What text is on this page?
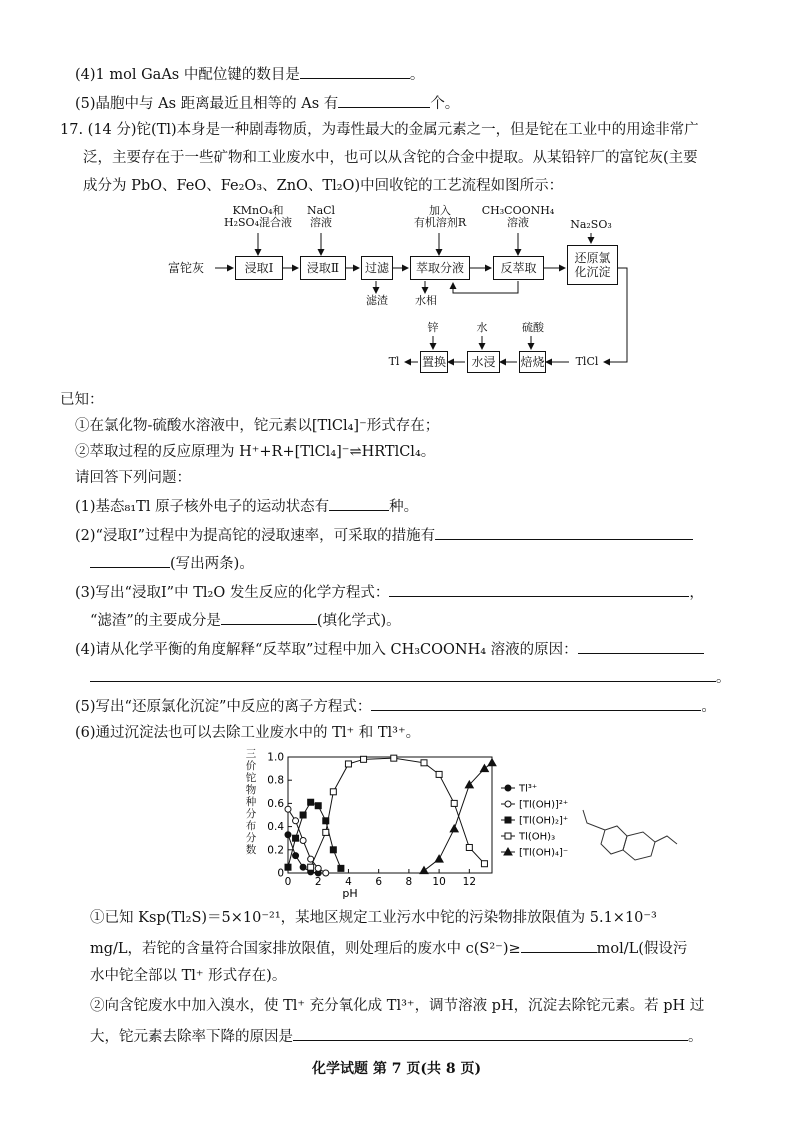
(4)1 mol GaAs 中配位键的数目是	。
(5)晶胞中与 As 距离最近且相等的 As 有	个。
17. (14 分)铊(Tl)本身是一种剧毒物质，为毒性最大的金属元素之一，但是铊在工业中的用途非常广
泛，主要存在于一些矿物和工业废水中，也可以从含铊的合金中提取。从某铅锌厂的富铊灰(主要
成分为 PbO、FeO、Fe₂O₃、ZnO、Tl₂O)中回收铊的工艺流程如图所示：
富铊灰	浸取Ⅰ	浸取Ⅱ	过滤	萃取分液	反萃取
还原氯
化沉淀
焙烧
水浸
置换
KMnO₄和
H₂SO₄混合液
NaCl
溶液
加入
有机溶剂R
CH₃COONH₄
溶液	Na₂SO₃
硫酸
水
锌
滤渣	水相
TlCl
Tl
已知：
①在氯化物-硫酸水溶液中，铊元素以[TlCl₄]⁻形式存在；
②萃取过程的反应原理为 H⁺+R+[TlCl₄]⁻⇌HRTlCl₄。
请回答下列问题：
(1)基态₈₁Tl 原子核外电子的运动状态有	种。
(2)“浸取Ⅰ”过程中为提高铊的浸取速率，可采取的措施有
(写出两条)。
(3)写出“浸取Ⅰ”中 Tl₂O 发生反应的化学方程式：	，
“滤渣”的主要成分是	(填化学式)。
(4)请从化学平衡的角度解释“反萃取”过程中加入 CH₃COONH₄ 溶液的原因：
。
(5)写出“还原氯化沉淀”中反应的离子方程式：	。
(6)通过沉淀法也可以去除工业废水中的 Tl⁺ 和 Tl³⁺。
三价铊物种分布分数
0
0.2
0.4
0.6
0.8
1.0
0 2 4 6 8 10 12
pH
Tl³⁺
[Tl(OH)]²⁺
[Tl(OH)₂]⁺
Tl(OH)₃
[Tl(OH)₄]⁻
①已知 Ksp(Tl₂S)＝5×10⁻²¹，某地区规定工业污水中铊的污染物排放限值为 5.1×10⁻³
mg/L，若铊的含量符合国家排放限值，则处理后的废水中 c(S²⁻)≥	mol/L(假设污
水中铊全部以 Tl⁺ 形式存在)。
②向含铊废水中加入溴水，使 Tl⁺ 充分氧化成 Tl³⁺，调节溶液 pH，沉淀去除铊元素。若 pH 过
大，铊元素去除率下降的原因是	。
化学试题 第 7 页(共 8 页)
